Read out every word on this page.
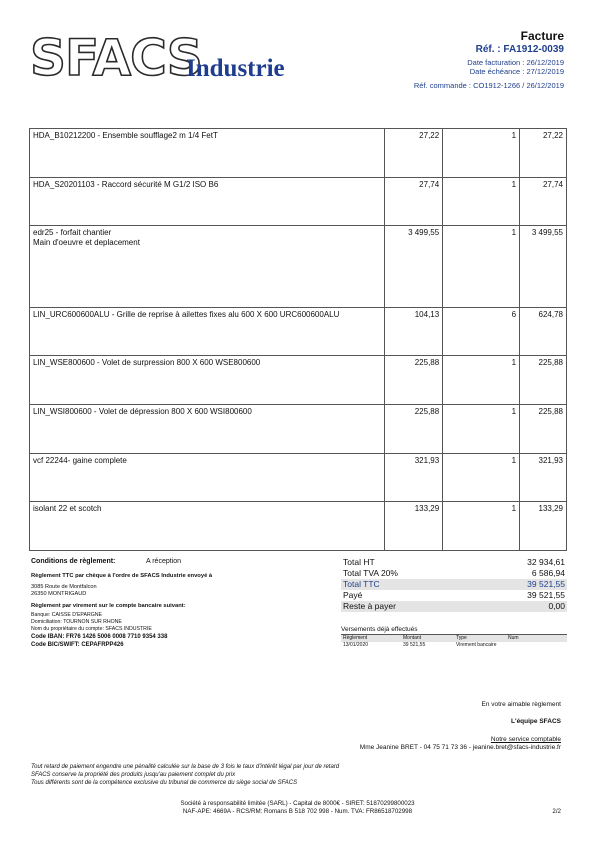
SFACS
Industrie
Facture
Réf. : FA1912-0039
Date facturation : 26/12/2019
Date échéance : 27/12/2019
Réf. commande : CO1912-1266 / 26/12/2019
HDA_B10212200 - Ensemble soufflage2 m 1/4 FetT	27,22	1	27,22
HDA_S20201103 - Raccord sécurité M G1/2 ISO B6	27,74	1	27,74

edr25 - forfait chantier
Main d'oeuvre et deplacement	3 499,55	1	3 499,55
LIN_URC600600ALU - Grille de reprise à ailettes fixes alu 600 X 600 URC600600ALU	104,13	6	624,78
LIN_WSE800600 - Volet de surpression 800 X 600 WSE800600	225,88	1	225,88
LIN_WSI800600 - Volet de dépression 800 X 600 WSI800600	225,88	1	225,88
vcf 22244- gaine complete	321,93	1	321,93
isolant 22 et scotch	133,29	1	133,29
Conditions de règlement:	A réception
Règlement TTC par chèque à l'ordre de SFACS Industrie envoyé à
3085 Route de Montfalcon
26350 MONTRIGAUD
Règlement par virement sur le compte bancaire suivant:
Banque: CAISSE D'EPARGNE
Domiciliation: TOURNON SUR RHONE
Nom du propriétaire du compte: SFACS INDUSTRIE
Code IBAN: FR76 1426 5006 0008 7710 9354 338
Code BIC/SWIFT: CEPAFRPP426
Total HT	32 934,61
Total TVA 20%	6 586,94
Total TTC	39 521,55
Payé	39 521,55
Reste à payer	0,00
Versements déjà effectués
Règlement	Montant	Type	Num
13/01/2020	39 521,55	Virement bancaire
En votre aimable règlement
L'équipe SFACS
Notre service comptable
Mme Jeanine BRET - 04 75 71 73 36 - jeanine.bret@sfacs-industrie.fr
Tout retard de paiement engendre une pénalité calculée sur la base de 3 fois le taux d'intérêt légal par jour de retard
SFACS conserve la propriété des produits jusqu'au paiement complet du prix
Tous différents sont de la compétence exclusive du tribunal de commerce du siège social de SFACS
Société à responsabilité limitée (SARL) - Capital de 8000€ - SIRET: 51870299800023
NAF-APE: 4669A - RCS/RM: Romans B 518 702 998 - Num. TVA: FR86518702998	2/2
